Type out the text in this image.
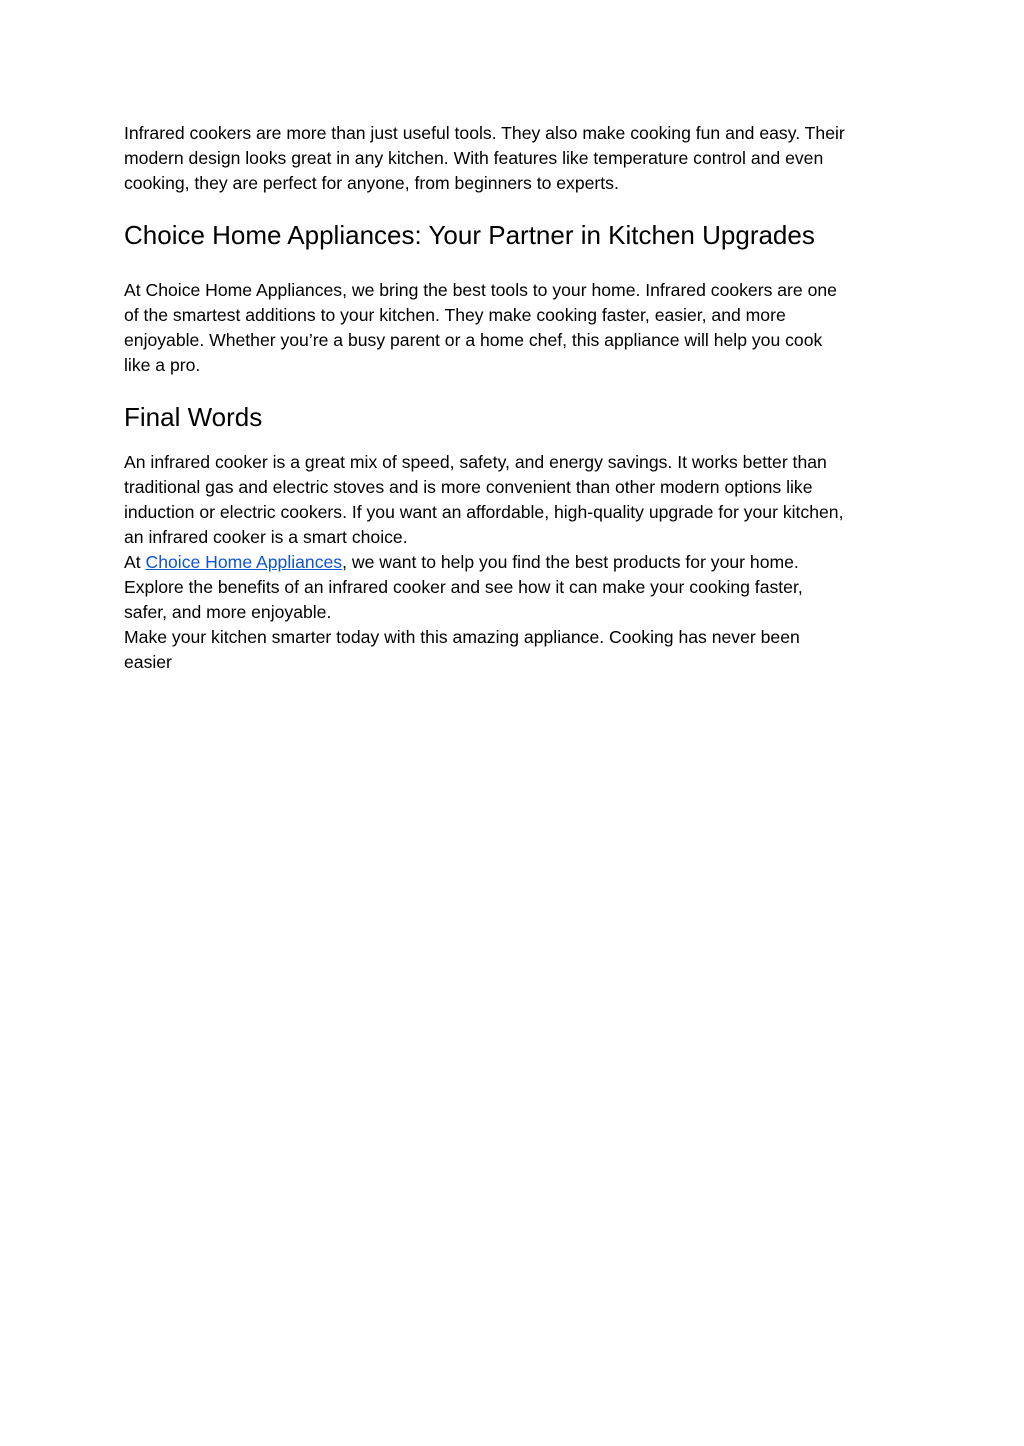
Infrared cookers are more than just useful tools. They also make cooking fun and easy. Their
modern design looks great in any kitchen. With features like temperature control and even
cooking, they are perfect for anyone, from beginners to experts.

Choice Home Appliances: Your Partner in Kitchen Upgrades

At Choice Home Appliances, we bring the best tools to your home. Infrared cookers are one
of the smartest additions to your kitchen. They make cooking faster, easier, and more
enjoyable. Whether you’re a busy parent or a home chef, this appliance will help you cook
like a pro.

Final Words

An infrared cooker is a great mix of speed, safety, and energy savings. It works better than
traditional gas and electric stoves and is more convenient than other modern options like
induction or electric cookers. If you want an affordable, high-quality upgrade for your kitchen,
an infrared cooker is a smart choice.
At Choice Home Appliances, we want to help you find the best products for your home.
Explore the benefits of an infrared cooker and see how it can make your cooking faster,
safer, and more enjoyable.
Make your kitchen smarter today with this amazing appliance. Cooking has never been
easier
